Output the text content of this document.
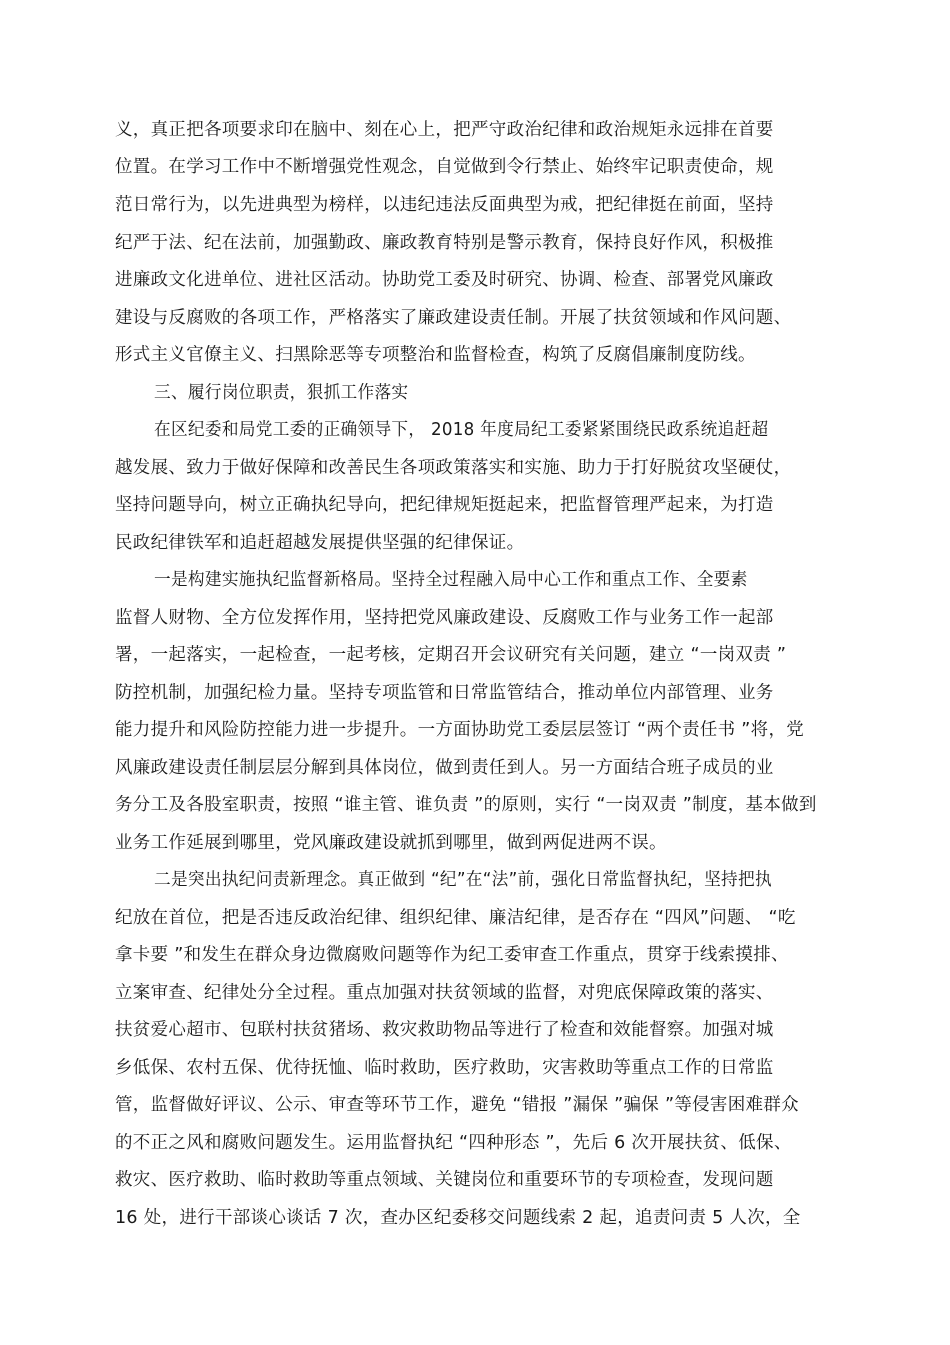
义，真正把各项要求印在脑中、刻在心上，把严守政治纪律和政治规矩永远排在首要
位置。在学习工作中不断增强党性观念，自觉做到令行禁止、始终牢记职责使命，规
范日常行为，以先进典型为榜样，以违纪违法反面典型为戒，把纪律挺在前面，坚持
纪严于法、纪在法前，加强勤政、廉政教育特别是警示教育，保持良好作风，积极推
进廉政文化进单位、进社区活动。协助党工委及时研究、协调、检查、部署党风廉政
建设与反腐败的各项工作，严格落实了廉政建设责任制。开展了扶贫领域和作风问题、
形式主义官僚主义、扫黑除恶等专项整治和监督检查，构筑了反腐倡廉制度防线。
三、履行岗位职责，狠抓工作落实
在区纪委和局党工委的正确领导下， 2018 年度局纪工委紧紧围绕民政系统追赶超
越发展、致力于做好保障和改善民生各项政策落实和实施、助力于打好脱贫攻坚硬仗，
坚持问题导向，树立正确执纪导向，把纪律规矩挺起来，把监督管理严起来，为打造
民政纪律铁军和追赶超越发展提供坚强的纪律保证。
一是构建实施执纪监督新格局。坚持全过程融入局中心工作和重点工作、全要素
监督人财物、全方位发挥作用，坚持把党风廉政建设、反腐败工作与业务工作一起部
署，一起落实，一起检查，一起考核，定期召开会议研究有关问题，建立 “一岗双责 ”
防控机制，加强纪检力量。坚持专项监管和日常监管结合，推动单位内部管理、业务
能力提升和风险防控能力进一步提升。一方面协助党工委层层签订 “两个责任书 ”将，党
风廉政建设责任制层层分解到具体岗位，做到责任到人。另一方面结合班子成员的业
务分工及各股室职责，按照 “谁主管、谁负责 ”的原则，实行 “一岗双责 ”制度，基本做到
业务工作延展到哪里，党风廉政建设就抓到哪里，做到两促进两不误。
二是突出执纪问责新理念。真正做到 “纪”在“法”前，强化日常监督执纪，坚持把执
纪放在首位，把是否违反政治纪律、组织纪律、廉洁纪律，是否存在 “四风”问题、 “吃
拿卡要 ”和发生在群众身边微腐败问题等作为纪工委审查工作重点，贯穿于线索摸排、
立案审查、纪律处分全过程。重点加强对扶贫领域的监督，对兜底保障政策的落实、
扶贫爱心超市、包联村扶贫猪场、救灾救助物品等进行了检查和效能督察。加强对城
乡低保、农村五保、优待抚恤、临时救助，医疗救助，灾害救助等重点工作的日常监
管，监督做好评议、公示、审查等环节工作，避免 “错报 ”漏保 ”骗保 ”等侵害困难群众
的不正之风和腐败问题发生。运用监督执纪 “四种形态 ”，先后 6 次开展扶贫、低保、
救灾、医疗救助、临时救助等重点领域、关键岗位和重要环节的专项检查，发现问题
16 处，进行干部谈心谈话 7 次，查办区纪委移交问题线索 2 起，追责问责 5 人次，全
